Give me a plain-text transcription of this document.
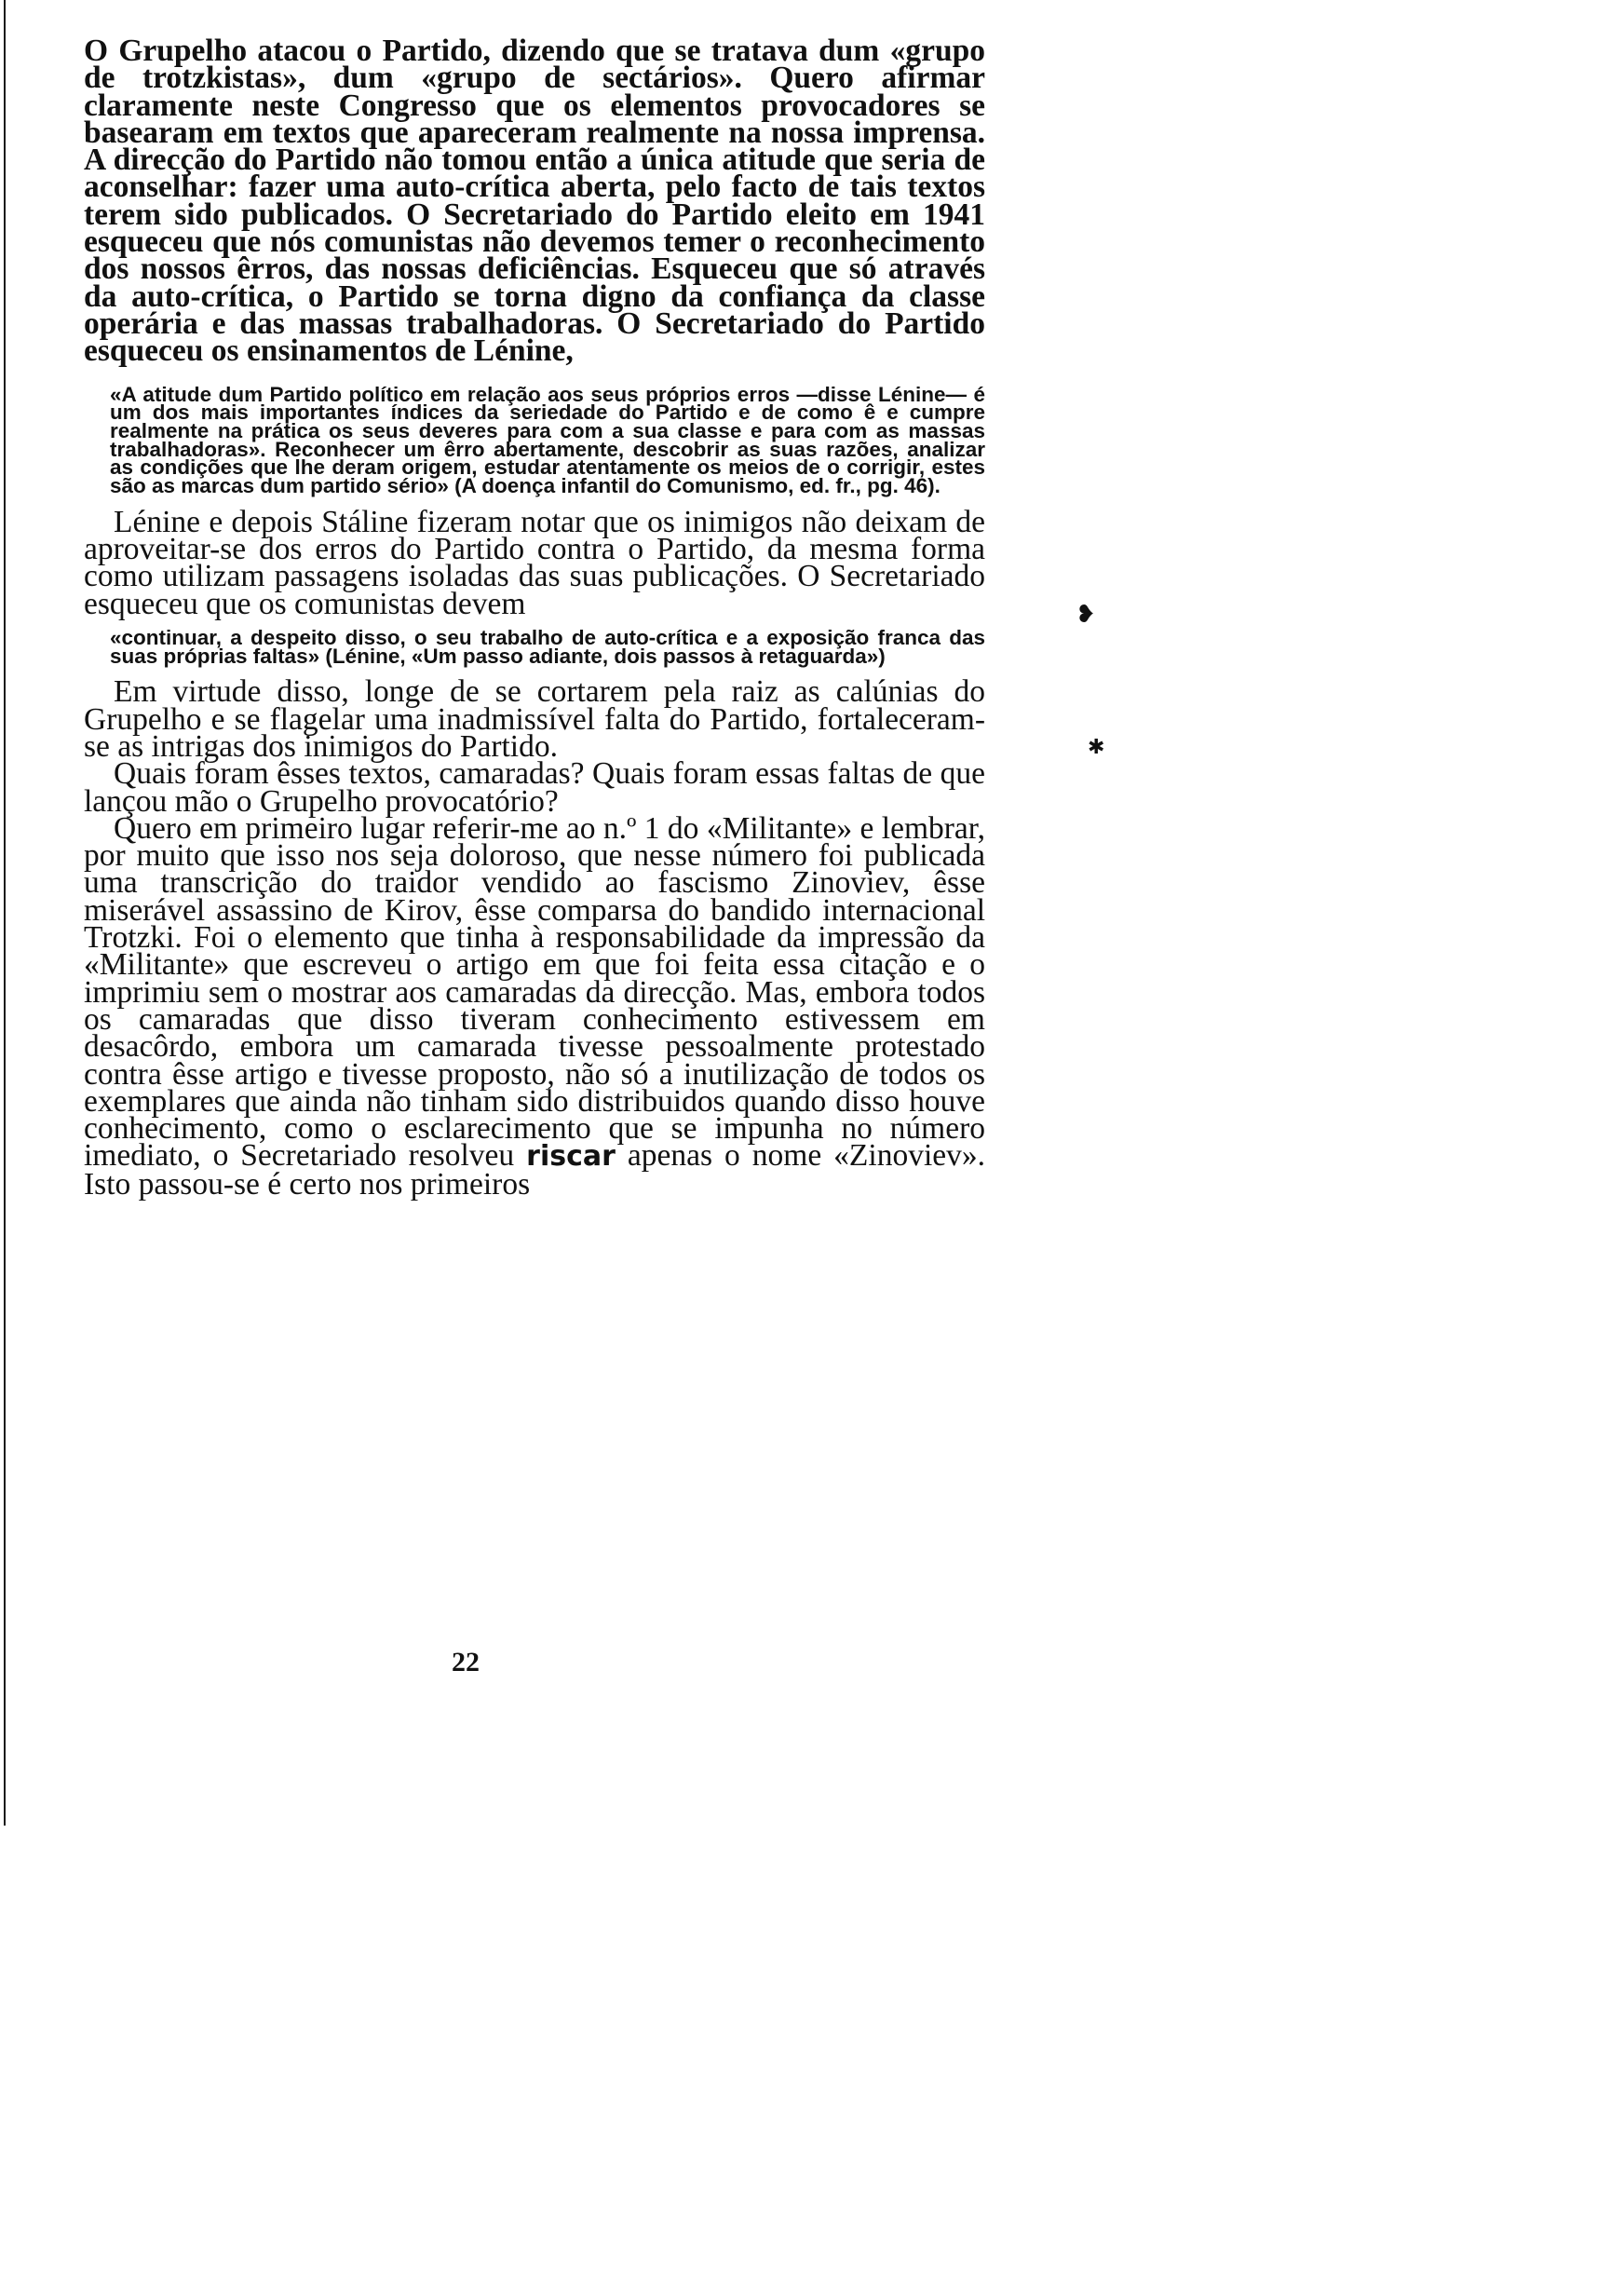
O Grupelho atacou o Partido, dizendo que se tratava dum «grupo de trotzkistas», dum «grupo de sectários». Quero afirmar claramente neste Congresso que os elementos provocadores se basearam em textos que apareceram realmente na nossa imprensa. A direcção do Partido não tomou então a única atitude que seria de aconselhar: fazer uma auto-crítica aberta, pelo facto de tais textos terem sido publicados. O Secretariado do Partido eleito em 1941 esqueceu que nós comunistas não devemos temer o reconhecimento dos nossos êrros, das nossas deficiências. Esqueceu que só através da auto-crítica, o Partido se torna digno da confiança da classe operária e das massas trabalhadoras. O Secretariado do Partido esqueceu os ensinamentos de Lénine,

«A atitude dum Partido político em relação aos seus próprios erros —disse Lénine— é um dos mais importantes índices da seriedade do Partido e de como ê e cumpre realmente na prática os seus deveres para com a sua classe e para com as massas trabalhadoras». Reconhecer um êrro abertamente, descobrir as suas razões, analizar as condições que lhe deram origem, estudar atentamente os meios de o corrigir, estes são as marcas dum partido sério» (A doença infantil do Comunismo, ed. fr., pg. 46).

Lénine e depois Stáline fizeram notar que os inimigos não deixam de aproveitar-se dos erros do Partido contra o Partido, da mesma forma como utilizam passagens isoladas das suas publicações. O Secretariado esqueceu que os comunistas devem

«continuar, a despeito disso, o seu trabalho de auto-crítica e a exposição franca das suas próprias faltas» (Lénine, «Um passo adiante, dois passos à retaguarda»)

Em virtude disso, longe de se cortarem pela raiz as calúnias do Grupelho e se flagelar uma inadmissível falta do Partido, fortaleceram-se as intrigas dos inimigos do Partido.

Quais foram êsses textos, camaradas? Quais foram essas faltas de que lançou mão o Grupelho provocatório?

Quero em primeiro lugar referir-me ao n.º 1 do «Militante» e lembrar, por muito que isso nos seja doloroso, que nesse número foi publicada uma transcrição do traidor vendido ao fascismo Zinoviev, êsse miserável assassino de Kirov, êsse comparsa do bandido internacional Trotzki. Foi o elemento que tinha à responsabilidade da impressão da «Militante» que escreveu o artigo em que foi feita essa citação e o imprimiu sem o mostrar aos camaradas da direcção. Mas, embora todos os camaradas que disso tiveram conhecimento estivessem em desacôrdo, embora um camarada tivesse pessoalmente protestado contra êsse artigo e tivesse proposto, não só a inutilização de todos os exemplares que ainda não tinham sido distribuidos quando disso houve conhecimento, como o esclarecimento que se impunha no número imediato, o Secretariado resolveu riscar apenas o nome «Zinoviev». Isto passou-se é certo nos primeiros

22
❥
✱
